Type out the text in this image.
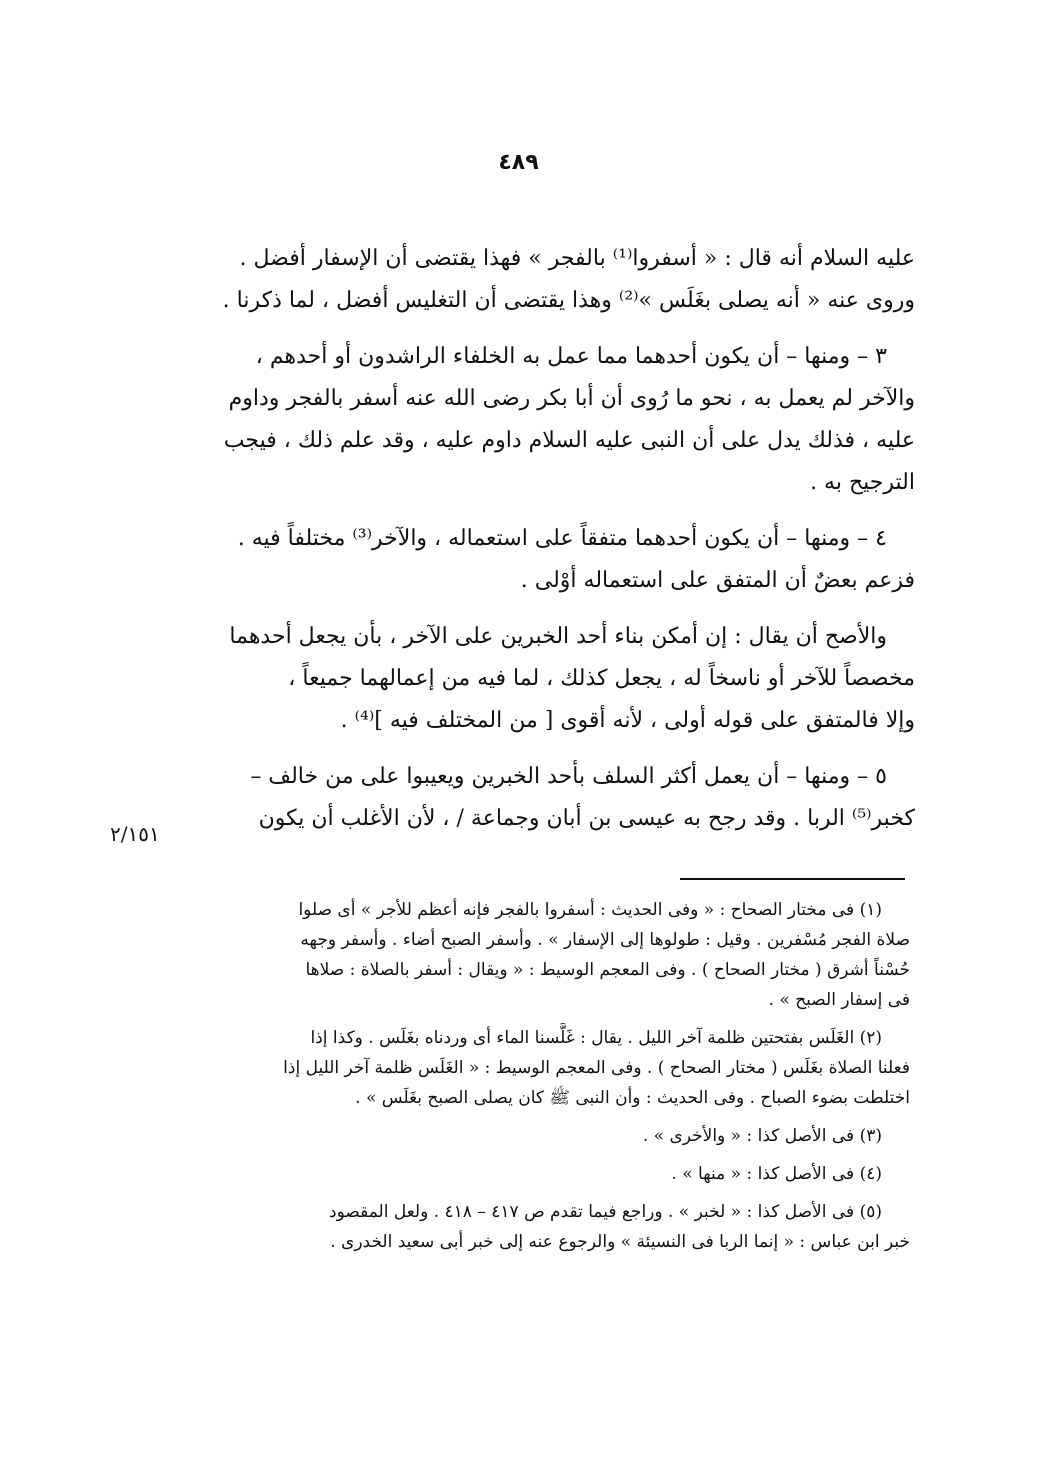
٤٨٩
عليه السلام أنه قال : « أسفروا⁽¹⁾ بالفجر » فهذا يقتضى أن الإسفار أفضل .
وروى عنه « أنه يصلى بغَلَس »⁽²⁾ وهذا يقتضى أن التغليس أفضل ، لما ذكرنا .
٣ – ومنها – أن يكون أحدهما مما عمل به الخلفاء الراشدون أو أحدهم ،
والآخر لم يعمل به ، نحو ما رُوى أن أبا بكر رضى الله عنه أسفر بالفجر وداوم
عليه ، فذلك يدل على أن النبى عليه السلام داوم عليه ، وقد علم ذلك ، فيجب
الترجيح به .
٤ – ومنها – أن يكون أحدهما متفقاً على استعماله ، والآخر⁽³⁾ مختلفاً فيه .
فزعم بعضٌ أن المتفق على استعماله أوْلى .
والأصح أن يقال : إن أمكن بناء أحد الخبرين على الآخر ، بأن يجعل أحدهما
مخصصاً للآخر أو ناسخاً له ، يجعل كذلك ، لما فيه من إعمالهما جميعاً ،
وإلا فالمتفق على قوله أولى ، لأنه أقوى [ من المختلف فيه ]⁽⁴⁾ .
٥ – ومنها – أن يعمل أكثر السلف بأحد الخبرين ويعيبوا على من خالف –
كخبر⁽⁵⁾ الربا . وقد رجح به عيسى بن أبان وجماعة / ، لأن الأغلب أن يكون
٢/١٥١
(١) فى مختار الصحاح : « وفى الحديث : أسفروا بالفجر فإنه أعظم للأجر » أى صلوا
صلاة الفجر مُسْفرين . وقيل : طولوها إلى الإسفار » . وأسفر الصبح أضاء . وأسفر وجهه
حُسْناً أشرق ( مختار الصحاح ) . وفى المعجم الوسيط : « ويقال : أسفر بالصلاة : صلاها
فى إسفار الصبح » .
(٢) الغَلَس بفتحتين ظلمة آخر الليل . يقال : غَلَّسنا الماء أى وردناه بغَلَس . وكذا إذا
فعلنا الصلاة بغَلَس ( مختار الصحاح ) . وفى المعجم الوسيط : « الغَلَس ظلمة آخر الليل إذا
اختلطت بضوء الصباح . وفى الحديث : وأن النبى ﷺ كان يصلى الصبح بغَلَس » .
(٣) فى الأصل كذا : « والأخرى » .
(٤) فى الأصل كذا : « منها » .
(٥) فى الأصل كذا : « لخبر » . وراجع فيما تقدم ص ٤١٧ – ٤١٨ . ولعل المقصود
خبر ابن عباس : « إنما الربا فى النسيئة » والرجوع عنه إلى خبر أبى سعيد الخدرى .
